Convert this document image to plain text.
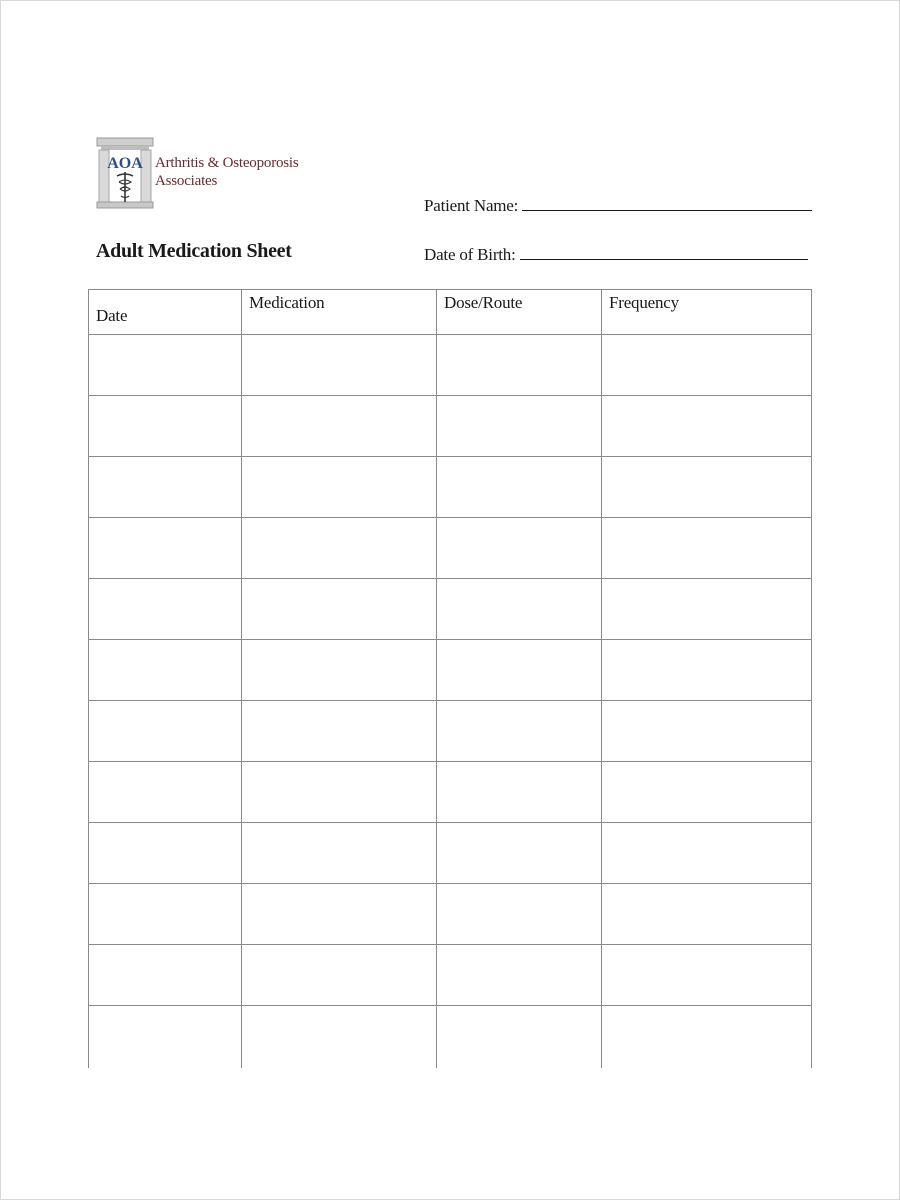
AOA Arthritis & Osteoporosis
Associates
Patient Name:
Adult Medication Sheet	Date of Birth:
Date	Medication	Dose/Route	Frequency
